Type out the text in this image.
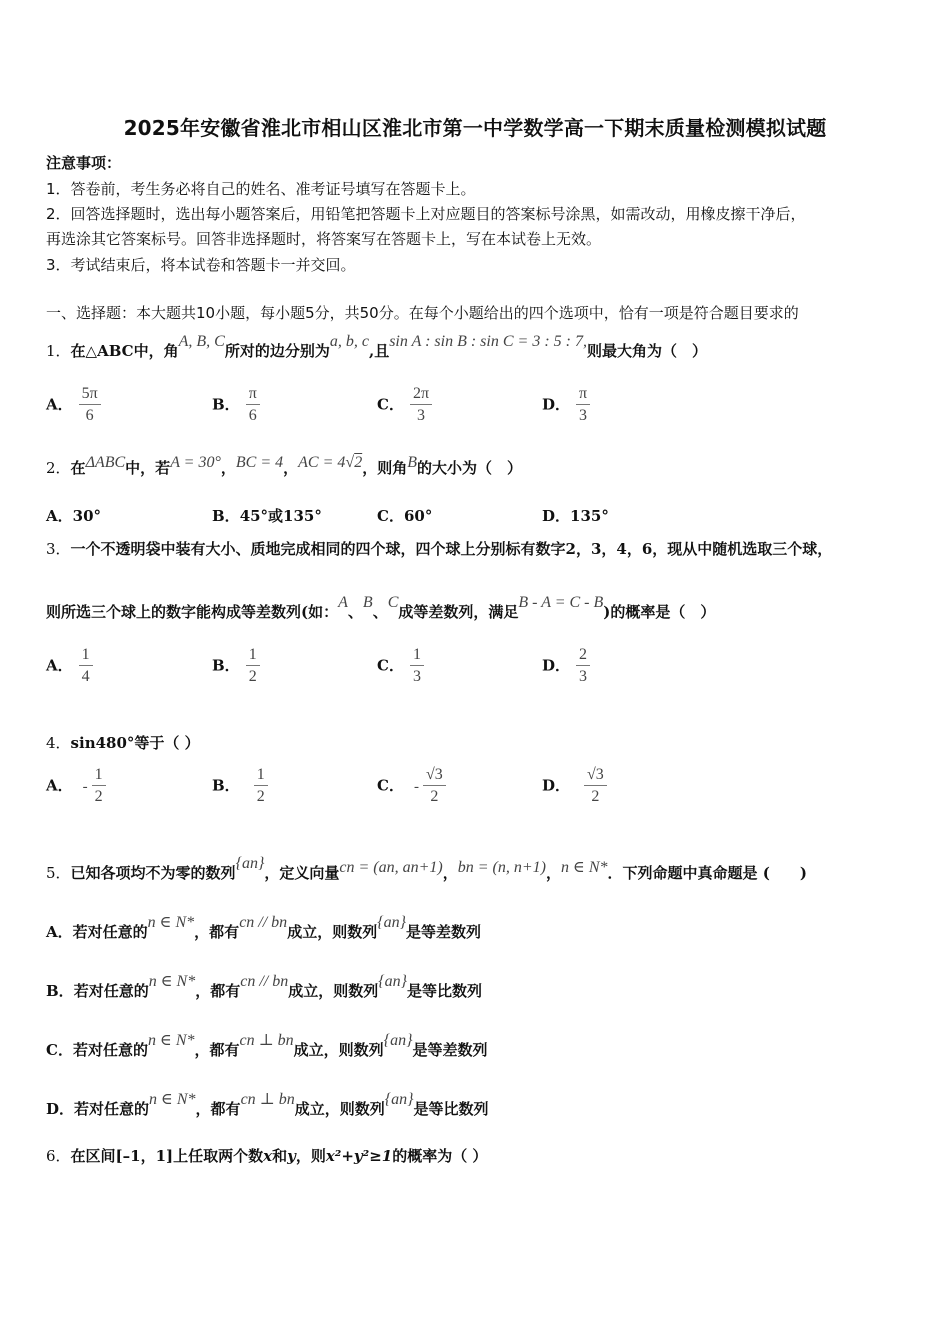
2025年安徽省淮北市相山区淮北市第一中学数学高一下期末质量检测模拟试题
注意事项：
1．答卷前，考生务必将自己的姓名、准考证号填写在答题卡上。
2．回答选择题时，选出每小题答案后，用铅笔把答题卡上对应题目的答案标号涂黑，如需改动，用橡皮擦干净后，
再选涂其它答案标号。回答非选择题时，将答案写在答题卡上，写在本试卷上无效。
3．考试结束后，将本试卷和答题卡一并交回。
一、选择题：本大题共10小题，每小题5分，共50分。在每个小题给出的四个选项中，恰有一项是符合题目要求的
1．在△ABC中，角A, B, C所对的边分别为a, b, c,且sin A : sin B : sin C = 3 : 5 : 7,则最大角为（　）
A． $\frac{5\pi}{6}$	B． $\frac{\pi}{6}$	C． $\frac{2\pi}{3}$	D． $\frac{\pi}{3}$
2．在ΔABC中，若A = 30°，BC = 4，AC = 4√2，则角B的大小为（　）
A．30°	B．45°或135°	C．60°	D．135°
3．一个不透明袋中装有大小、质地完成相同的四个球，四个球上分别标有数字2，3，4，6，现从中随机选取三个球，
则所选三个球上的数字能构成等差数列(如：A、B、C成等差数列，满足B - A = C - B)的概率是（　）
A． $\frac{1}{4}$	B． $\frac{1}{2}$	C． $\frac{1}{3}$	D． $\frac{2}{3}$
4．sin480°等于（ ）
A． - $\frac{1}{2}$	B． $\frac{1}{2}$	C． - $\frac{√3}{2}$	D． $\frac{√3}{2}$
5．已知各项均不为零的数列{an}，定义向量cn = (an, an+1)，bn = (n, n+1)，n ∈ N*．下列命题中真命题是 (　　)
A．若对任意的n ∈ N*，都有cn // bn成立，则数列{an}是等差数列
B．若对任意的n ∈ N*，都有cn // bn成立，则数列{an}是等比数列
C．若对任意的n ∈ N*，都有cn ⊥ bn成立，则数列{an}是等差数列
D．若对任意的n ∈ N*，都有cn ⊥ bn成立，则数列{an}是等比数列
6．在区间[–1，1]上任取两个数x和y，则x²+y²≥1的概率为（ ）
